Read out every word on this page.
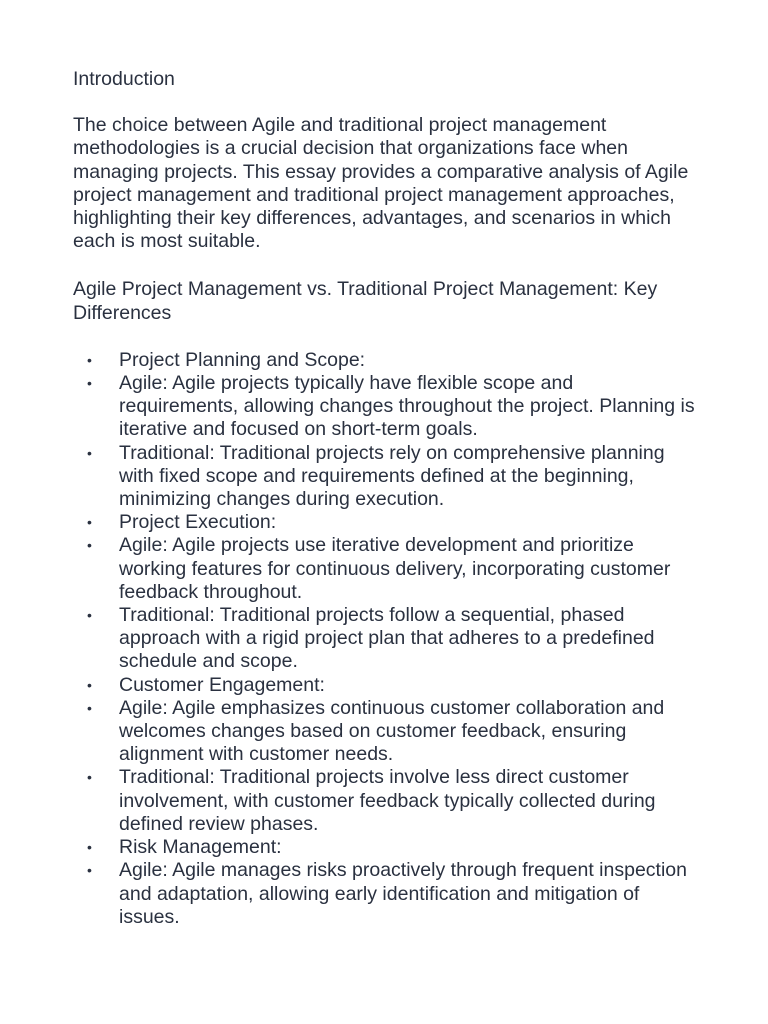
Introduction

The choice between Agile and traditional project management methodologies is a crucial decision that organizations face when managing projects. This essay provides a comparative analysis of Agile project management and traditional project management approaches, highlighting their key differences, advantages, and scenarios in which each is most suitable.

Agile Project Management vs. Traditional Project Management: Key Differences
• Project Planning and Scope:
• Agile: Agile projects typically have flexible scope and requirements, allowing changes throughout the project. Planning is iterative and focused on short-term goals.
• Traditional: Traditional projects rely on comprehensive planning with fixed scope and requirements defined at the beginning, minimizing changes during execution.
• Project Execution:
• Agile: Agile projects use iterative development and prioritize working features for continuous delivery, incorporating customer feedback throughout.
• Traditional: Traditional projects follow a sequential, phased approach with a rigid project plan that adheres to a predefined schedule and scope.
• Customer Engagement:
• Agile: Agile emphasizes continuous customer collaboration and welcomes changes based on customer feedback, ensuring alignment with customer needs.
• Traditional: Traditional projects involve less direct customer involvement, with customer feedback typically collected during defined review phases.
• Risk Management:
• Agile: Agile manages risks proactively through frequent inspection and adaptation, allowing early identification and mitigation of issues.
